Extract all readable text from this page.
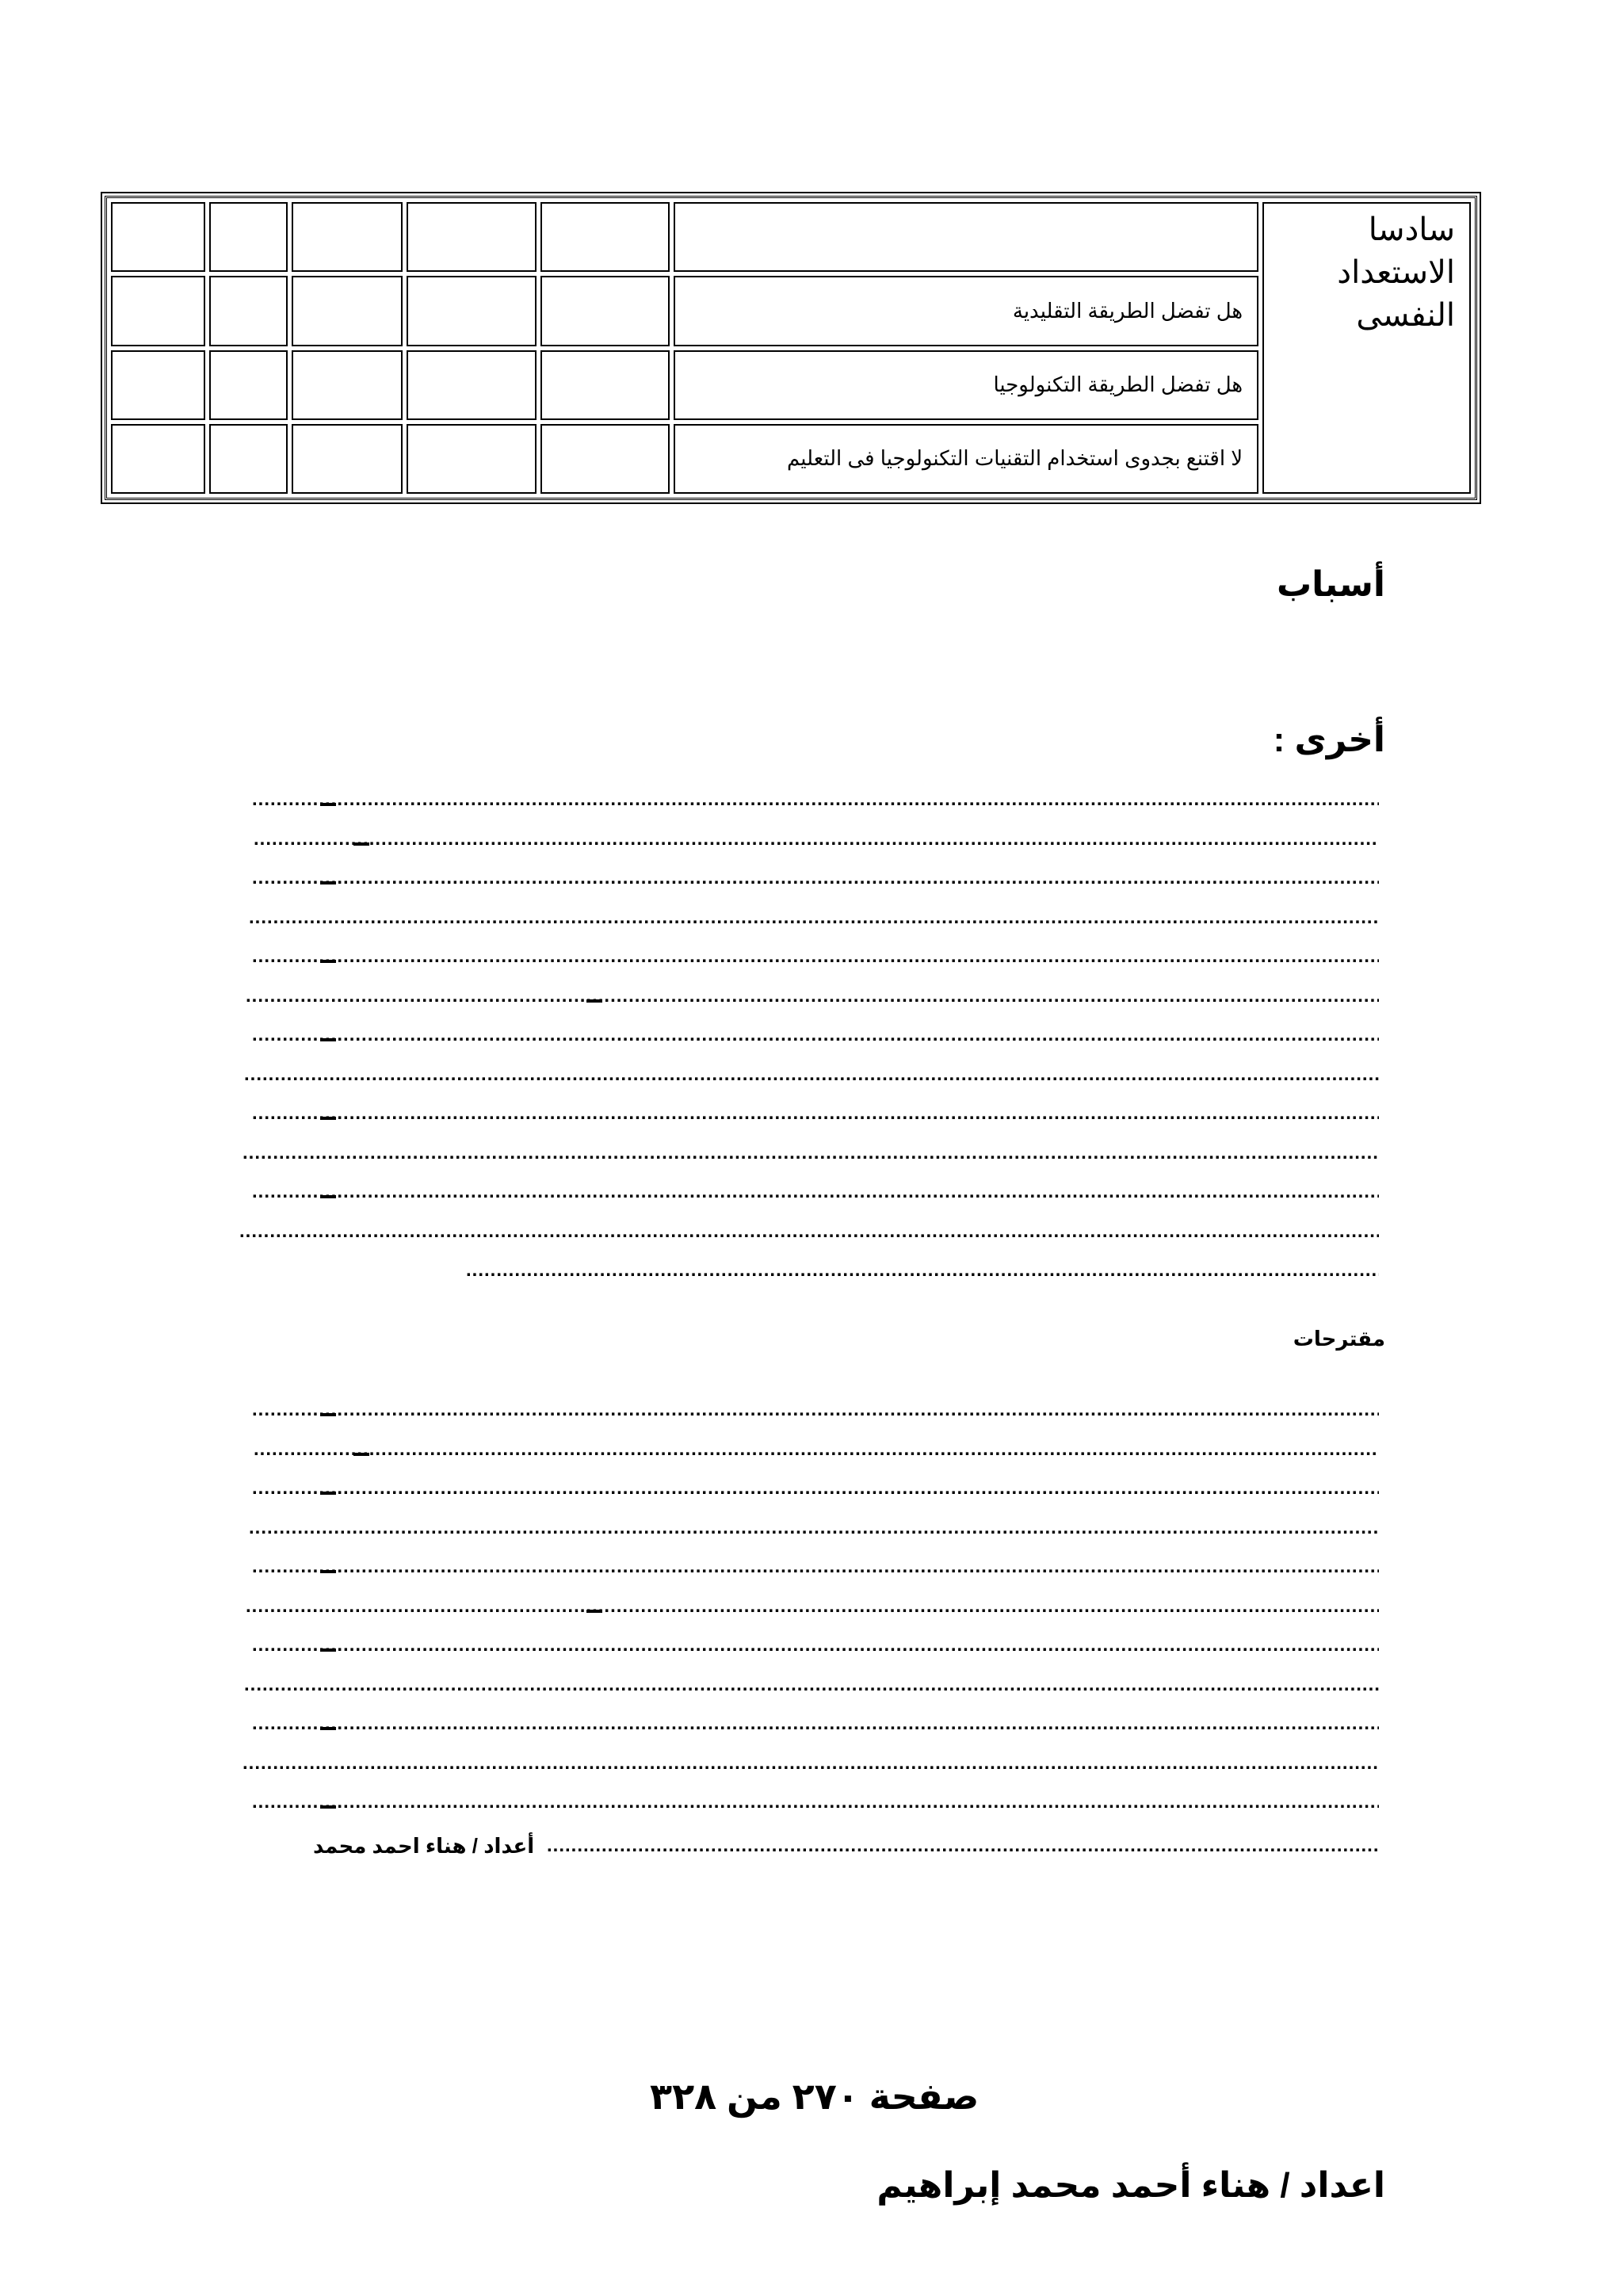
						سادسا
الاستعداد
النفسى

					هل تفضل الطريقة التقليدية	
					هل تفضل الطريقة التكنولوجيا	
					لا اقتنع بجدوى استخدام التقنيات التكنولوجيا فى التعليم	
أسباب
أخرى :
.....
.....
.....
.....
.....
.....
.....
.....
.....
.....
.....
.....
.....
مقترحات
.....
.....
.....
.....
.....
.....
.....
.....
.....
.....
.....
.....
أعداد / هناء احمد محمد
صفحة ٢٧٠ من ٣٢٨
اعداد / هناء أحمد محمد إبراهيم
